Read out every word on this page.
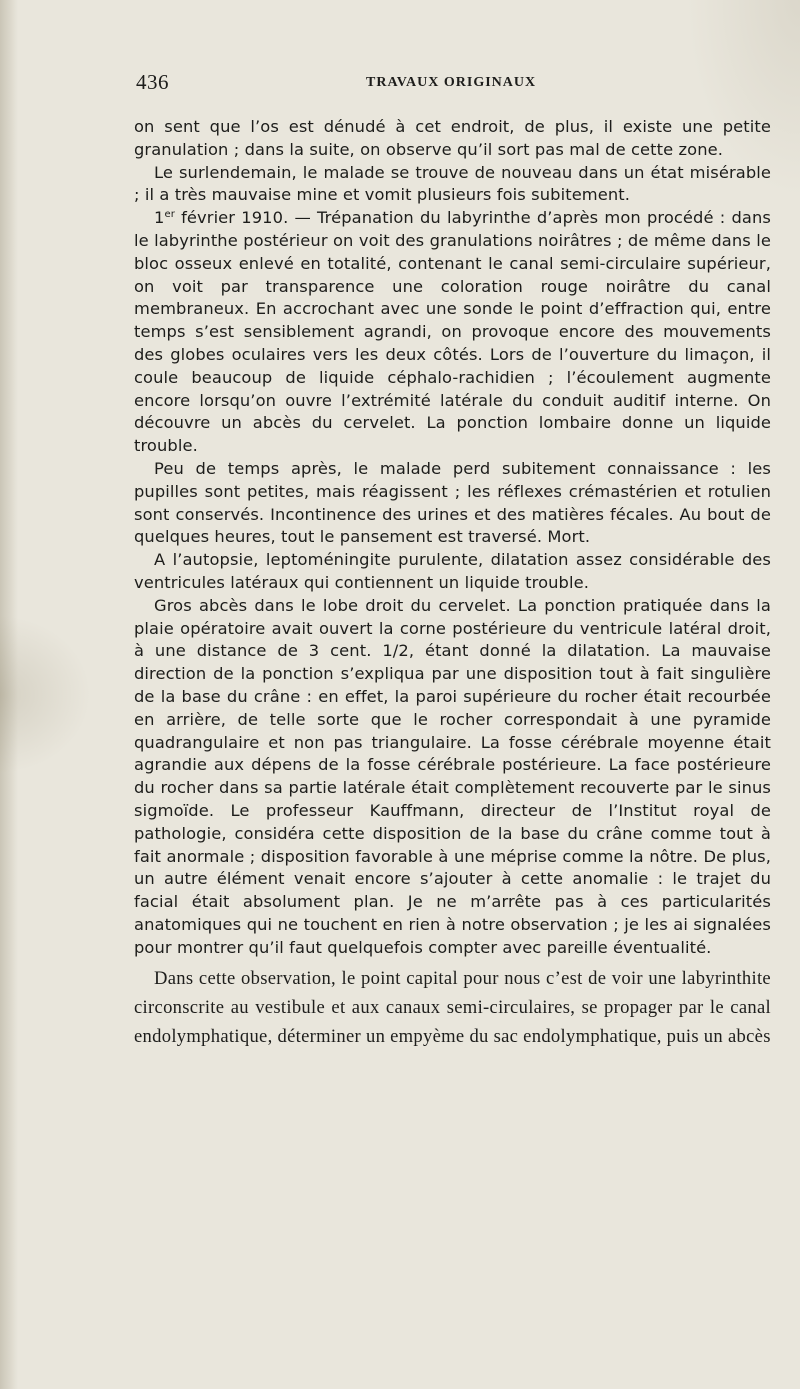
436	TRAVAUX ORIGINAUX

on sent que l’os est dénudé à cet endroit, de plus, il existe une petite granulation ; dans la suite, on observe qu’il sort pas mal de cette zone.

Le surlendemain, le malade se trouve de nouveau dans un état misérable ; il a très mauvaise mine et vomit plusieurs fois subitement.

1er février 1910. — Trépanation du labyrinthe d’après mon procédé : dans le labyrinthe postérieur on voit des granulations noirâtres ; de même dans le bloc osseux enlevé en totalité, contenant le canal semi-circulaire supérieur, on voit par transparence une coloration rouge noirâtre du canal membraneux. En accrochant avec une sonde le point d’effraction qui, entre temps s’est sensiblement agrandi, on provoque encore des mouvements des globes oculaires vers les deux côtés. Lors de l’ouverture du limaçon, il coule beaucoup de liquide céphalo-rachidien ; l’écoulement augmente encore lorsqu’on ouvre l’extrémité latérale du conduit auditif interne. On découvre un abcès du cervelet. La ponction lombaire donne un liquide trouble.

Peu de temps après, le malade perd subitement connaissance : les pupilles sont petites, mais réagissent ; les réflexes crémastérien et rotulien sont conservés. Incontinence des urines et des matières fécales. Au bout de quelques heures, tout le pansement est traversé. Mort.

A l’autopsie, leptoméningite purulente, dilatation assez considérable des ventricules latéraux qui contiennent un liquide trouble.

Gros abcès dans le lobe droit du cervelet. La ponction pratiquée dans la plaie opératoire avait ouvert la corne postérieure du ventricule latéral droit, à une distance de 3 cent. 1/2, étant donné la dilatation. La mauvaise direction de la ponction s’expliqua par une disposition tout à fait singulière de la base du crâne : en effet, la paroi supérieure du rocher était recourbée en arrière, de telle sorte que le rocher correspondait à une pyramide quadrangulaire et non pas triangulaire. La fosse cérébrale moyenne était agrandie aux dépens de la fosse cérébrale postérieure. La face postérieure du rocher dans sa partie latérale était complètement recouverte par le sinus sigmoïde. Le professeur Kauffmann, directeur de l’Institut royal de pathologie, considéra cette disposition de la base du crâne comme tout à fait anormale ; disposition favorable à une méprise comme la nôtre. De plus, un autre élément venait encore s’ajouter à cette anomalie : le trajet du facial était absolument plan. Je ne m’arrête pas à ces particularités anatomiques qui ne touchent en rien à notre observation ; je les ai signalées pour montrer qu’il faut quelquefois compter avec pareille éventualité.

Dans cette observation, le point capital pour nous c’est de voir une labyrinthite circonscrite au vestibule et aux canaux semi-circulaires, se propager par le canal endolymphatique, déterminer un empyème du sac endolymphatique, puis un abcès
